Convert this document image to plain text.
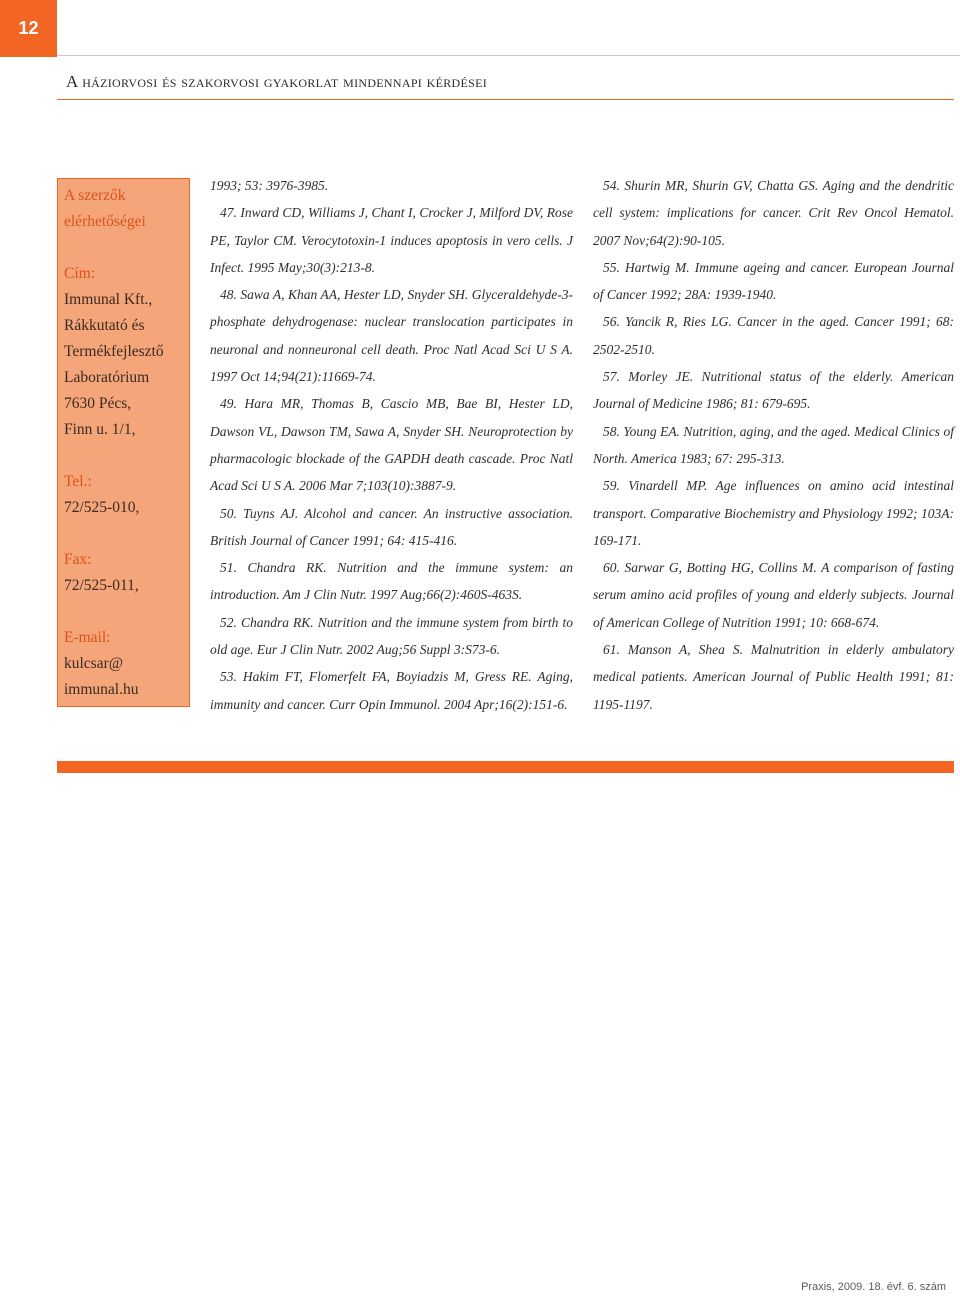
12
A háziorvosi és szakorvosi gyakorlat mindennapi kérdései
A szerzők
elérhetőségei
Cím:
Immunal Kft.,
Rákkutató és
Termékfejlesztő
Laboratórium
7630 Pécs,
Finn u. 1/1,
Tel.:
72/525-010,
Fax:
72/525-011,
E-mail:
kulcsar@
immunal.hu

1993; 53: 3976-3985.

47. Inward CD, Williams J, Chant I, Crocker J, Milford DV, Rose PE, Taylor CM. Verocytotoxin-1 induces apoptosis in vero cells. J Infect. 1995 May;30(3):213-8.

48. Sawa A, Khan AA, Hester LD, Snyder SH. Glyceraldehyde-3-phosphate dehydrogenase: nuclear translocation participates in neuronal and nonneuronal cell death. Proc Natl Acad Sci U S A. 1997 Oct 14;94(21):11669-74.

49. Hara MR, Thomas B, Cascio MB, Bae BI, Hester LD, Dawson VL, Dawson TM, Sawa A, Snyder SH. Neuroprotection by pharmacologic blockade of the GAPDH death cascade. Proc Natl Acad Sci U S A. 2006 Mar 7;103(10):3887-9.

50. Tuyns AJ. Alcohol and cancer. An instructive association. British Journal of Cancer 1991; 64: 415-416.

51. Chandra RK. Nutrition and the immune system: an introduction. Am J Clin Nutr. 1997 Aug;66(2):460S-463S.

52. Chandra RK. Nutrition and the immune system from birth to old age. Eur J Clin Nutr. 2002 Aug;56 Suppl 3:S73-6.

53. Hakim FT, Flomerfelt FA, Boyiadzis M, Gress RE. Aging, immunity and cancer. Curr Opin Immunol. 2004 Apr;16(2):151-6.

54. Shurin MR, Shurin GV, Chatta GS. Aging and the dendritic cell system: implications for cancer. Crit Rev Oncol Hematol. 2007 Nov;64(2):90-105.

55. Hartwig M. Immune ageing and cancer. European Journal of Cancer 1992; 28A: 1939-1940.

56. Yancik R, Ries LG. Cancer in the aged. Cancer 1991; 68: 2502-2510.

57. Morley JE. Nutritional status of the elderly. American Journal of Medicine 1986; 81: 679-695.

58. Young EA. Nutrition, aging, and the aged. Medical Clinics of North. America 1983; 67: 295-313.

59. Vinardell MP. Age influences on amino acid intestinal transport. Comparative Biochemistry and Physiology 1992; 103A: 169-171.

60. Sarwar G, Botting HG, Collins M. A comparison of fasting serum amino acid profiles of young and elderly subjects. Journal of American College of Nutrition 1991; 10: 668-674.

61. Manson A, Shea S. Malnutrition in elderly ambulatory medical patients. American Journal of Public Health 1991; 81: 1195-1197.

Praxis, 2009. 18. évf. 6. szám
